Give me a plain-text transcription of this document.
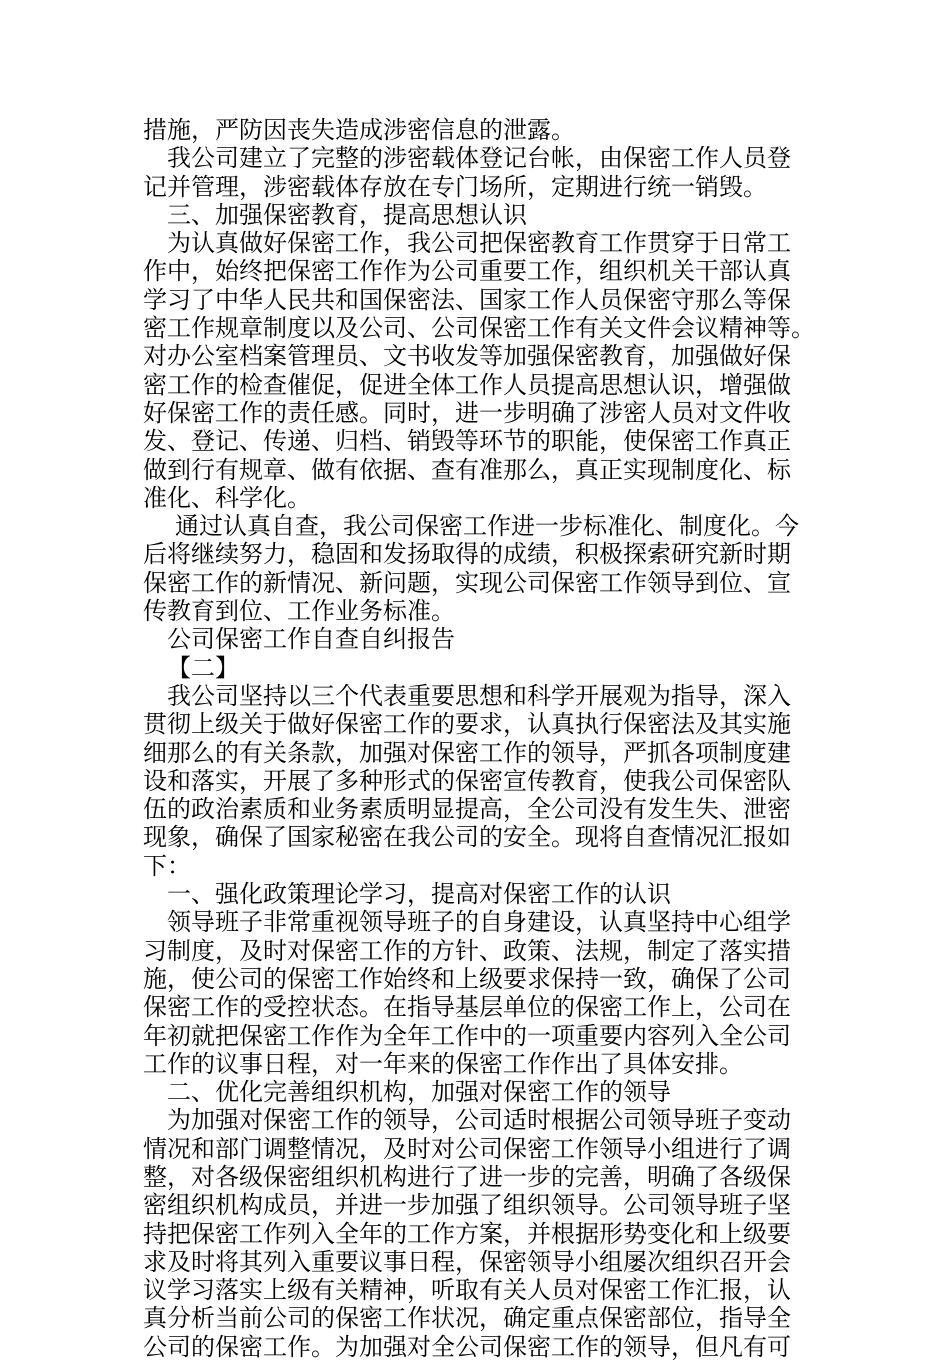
措施，严防因丧失造成涉密信息的泄露。
我公司建立了完整的涉密载体登记台帐，由保密工作人员登
记并管理，涉密载体存放在专门场所，定期进行统一销毁。
三、加强保密教育，提高思想认识
为认真做好保密工作，我公司把保密教育工作贯穿于日常工
作中，始终把保密工作作为公司重要工作，组织机关干部认真
学习了中华人民共和国保密法、国家工作人员保密守那么等保
密工作规章制度以及公司、公司保密工作有关文件会议精神等。
对办公室档案管理员、文书收发等加强保密教育，加强做好保
密工作的检查催促，促进全体工作人员提高思想认识，增强做
好保密工作的责任感。同时，进一步明确了涉密人员对文件收
发、登记、传递、归档、销毁等环节的职能，使保密工作真正
做到行有规章、做有依据、查有准那么，真正实现制度化、标
准化、科学化。
通过认真自查，我公司保密工作进一步标准化、制度化。今
后将继续努力，稳固和发扬取得的成绩，积极探索研究新时期
保密工作的新情况、新问题，实现公司保密工作领导到位、宣
传教育到位、工作业务标准。
公司保密工作自查自纠报告
【二】
我公司坚持以三个代表重要思想和科学开展观为指导，深入
贯彻上级关于做好保密工作的要求，认真执行保密法及其实施
细那么的有关条款，加强对保密工作的领导，严抓各项制度建
设和落实，开展了多种形式的保密宣传教育，使我公司保密队
伍的政治素质和业务素质明显提高，全公司没有发生失、泄密
现象，确保了国家秘密在我公司的安全。现将自查情况汇报如
下：
一、强化政策理论学习，提高对保密工作的认识
领导班子非常重视领导班子的自身建设，认真坚持中心组学
习制度，及时对保密工作的方针、政策、法规，制定了落实措
施，使公司的保密工作始终和上级要求保持一致，确保了公司
保密工作的受控状态。在指导基层单位的保密工作上，公司在
年初就把保密工作作为全年工作中的一项重要内容列入全公司
工作的议事日程，对一年来的保密工作作出了具体安排。
二、优化完善组织机构，加强对保密工作的领导
为加强对保密工作的领导，公司适时根据公司领导班子变动
情况和部门调整情况，及时对公司保密工作领导小组进行了调
整，对各级保密组织机构进行了进一步的完善，明确了各级保
密组织机构成员，并进一步加强了组织领导。公司领导班子坚
持把保密工作列入全年的工作方案，并根据形势变化和上级要
求及时将其列入重要议事日程，保密领导小组屡次组织召开会
议学习落实上级有关精神，听取有关人员对保密工作汇报，认
真分析当前公司的保密工作状况，确定重点保密部位，指导全
公司的保密工作。为加强对全公司保密工作的领导，但凡有可
